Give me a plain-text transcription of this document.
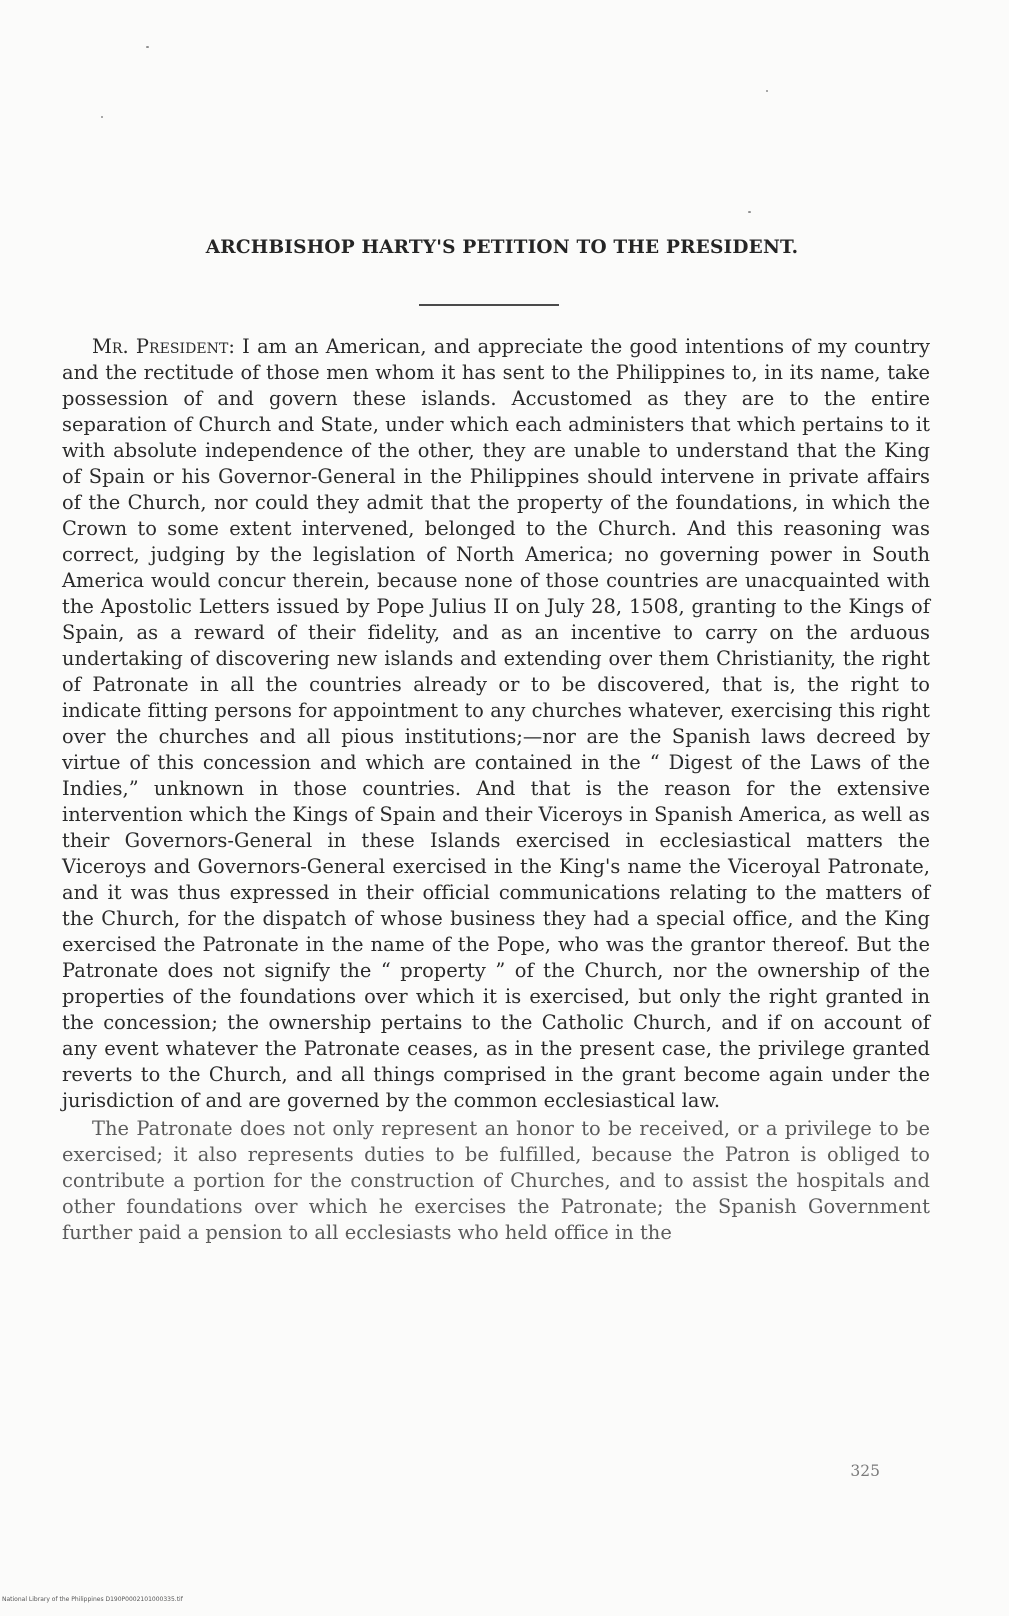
ARCHBISHOP HARTY'S PETITION TO THE PRESIDENT.

Mr. President: I am an American, and appreciate the good intentions of my country and the rectitude of those men whom it has sent to the Philippines to, in its name, take possession of and govern these islands. Accustomed as they are to the entire separation of Church and State, under which each administers that which pertains to it with absolute independence of the other, they are unable to understand that the King of Spain or his Governor-General in the Philippines should intervene in private affairs of the Church, nor could they admit that the property of the foundations, in which the Crown to some extent intervened, belonged to the Church. And this reasoning was correct, judging by the legislation of North America; no governing power in South America would concur therein, because none of those countries are unacquainted with the Apostolic Letters issued by Pope Julius II on July 28, 1508, granting to the Kings of Spain, as a reward of their fidelity, and as an incentive to carry on the arduous undertaking of discovering new islands and extending over them Christianity, the right of Patronate in all the countries already or to be discovered, that is, the right to indicate fitting persons for appointment to any churches whatever, exercising this right over the churches and all pious institutions;—nor are the Spanish laws decreed by virtue of this concession and which are contained in the “ Digest of the Laws of the Indies,” unknown in those countries. And that is the reason for the extensive intervention which the Kings of Spain and their Viceroys in Spanish America, as well as their Governors-General in these Islands exercised in ecclesiastical matters the Viceroys and Governors-General exercised in the King's name the Viceroyal Patronate, and it was thus expressed in their official communications relating to the matters of the Church, for the dispatch of whose business they had a special office, and the King exercised the Patronate in the name of the Pope, who was the grantor thereof. But the Patronate does not signify the “ property ” of the Church, nor the ownership of the properties of the foundations over which it is exercised, but only the right granted in the concession; the ownership pertains to the Catholic Church, and if on account of any event whatever the Patronate ceases, as in the present case, the privilege granted reverts to the Church, and all things comprised in the grant become again under the jurisdiction of and are governed by the common ecclesiastical law.

The Patronate does not only represent an honor to be received, or a privilege to be exercised; it also represents duties to be fulfilled, because the Patron is obliged to contribute a portion for the construction of Churches, and to assist the hospitals and other foundations over which he exercises the Patronate; the Spanish Government further paid a pension to all ecclesiasts who held office in the

325
National Library of the Philippines D190P0002101000335.tif
